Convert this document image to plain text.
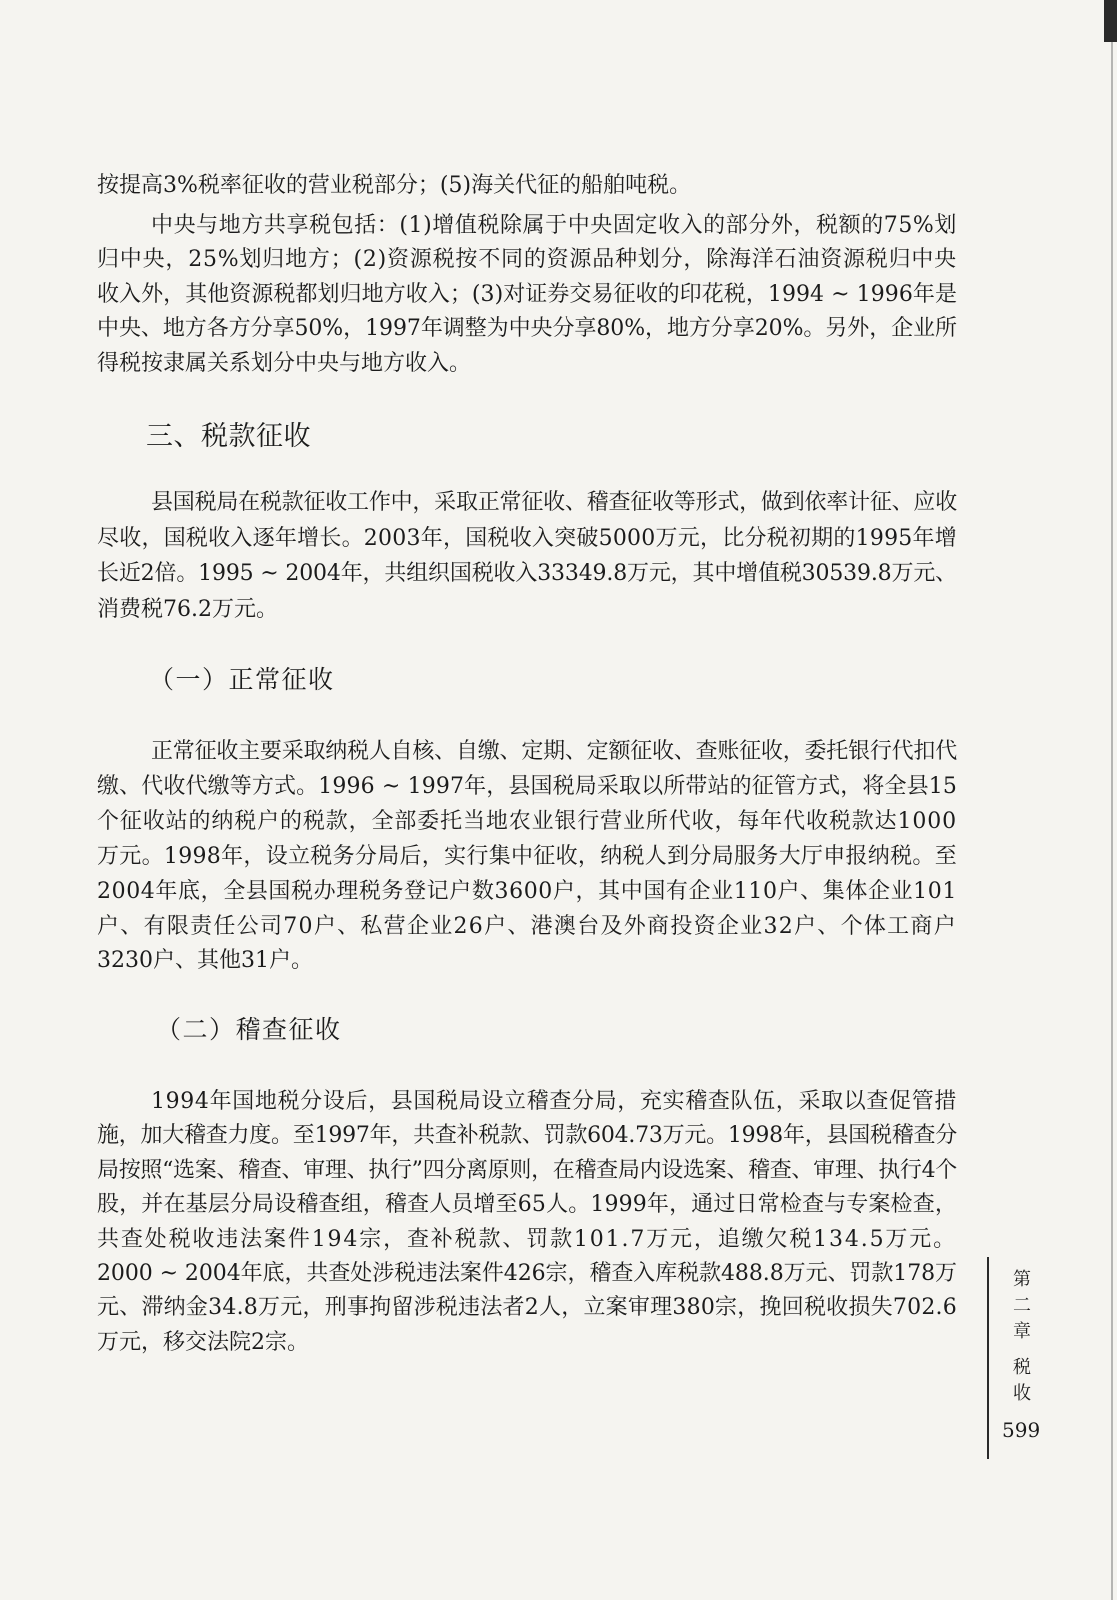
按提高3%税率征收的营业税部分；(5)海关代征的船舶吨税。
中央与地方共享税包括：(1)增值税除属于中央固定收入的部分外，税额的75%划
归中央，25%划归地方；(2)资源税按不同的资源品种划分，除海洋石油资源税归中央
收入外，其他资源税都划归地方收入；(3)对证券交易征收的印花税，1994 ~ 1996年是
中央、地方各方分享50%，1997年调整为中央分享80%，地方分享20%。另外，企业所
得税按隶属关系划分中央与地方收入。
三、税款征收
县国税局在税款征收工作中，采取正常征收、稽查征收等形式，做到依率计征、应收
尽收，国税收入逐年增长。2003年，国税收入突破5000万元，比分税初期的1995年增
长近2倍。1995 ~ 2004年，共组织国税收入33349.8万元，其中增值税30539.8万元、
消费税76.2万元。
（一）正常征收
正常征收主要采取纳税人自核、自缴、定期、定额征收、查账征收，委托银行代扣代
缴、代收代缴等方式。1996 ~ 1997年，县国税局采取以所带站的征管方式，将全县15
个征收站的纳税户的税款，全部委托当地农业银行营业所代收，每年代收税款达1000
万元。1998年，设立税务分局后，实行集中征收，纳税人到分局服务大厅申报纳税。至
2004年底，全县国税办理税务登记户数3600户，其中国有企业110户、集体企业101
户、有限责任公司70户、私营企业26户、港澳台及外商投资企业32户、个体工商户
3230户、其他31户。
（二）稽查征收
1994年国地税分设后，县国税局设立稽查分局，充实稽查队伍，采取以查促管措
施，加大稽查力度。至1997年，共查补税款、罚款604.73万元。1998年，县国税稽查分
局按照“选案、稽查、审理、执行”四分离原则，在稽查局内设选案、稽查、审理、执行4个
股，并在基层分局设稽查组，稽查人员增至65人。1999年，通过日常检查与专案检查，
共查处税收违法案件194宗，查补税款、罚款101.7万元，追缴欠税134.5万元。
2000 ~ 2004年底，共查处涉税违法案件426宗，稽查入库税款488.8万元、罚款178万
元、滞纳金34.8万元，刑事拘留涉税违法者2人，立案审理380宗，挽回税收损失702.6
万元，移交法院2宗。	第二章
税收
599
